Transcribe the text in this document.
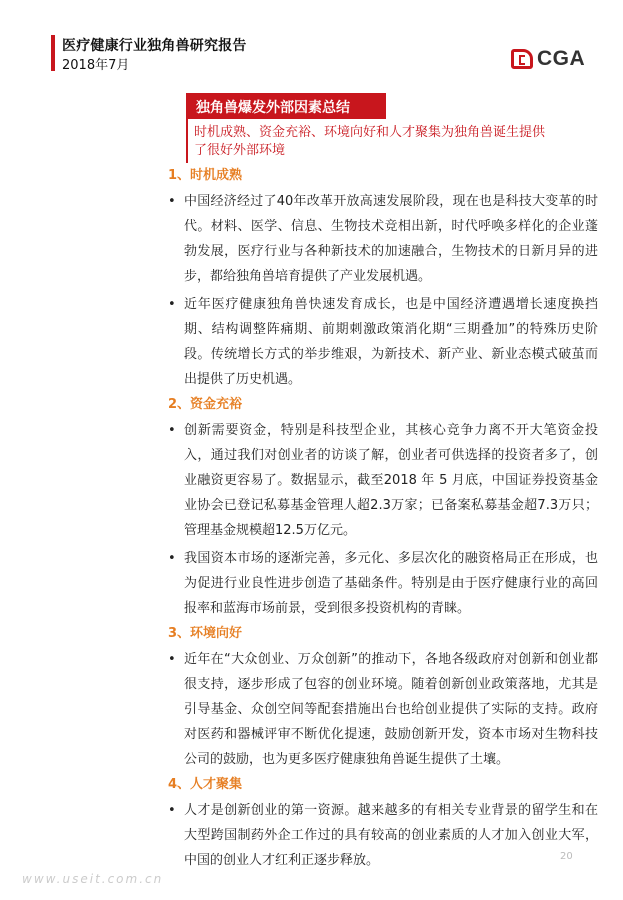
医疗健康行业独角兽研究报告
2018年7月	CGA
独角兽爆发外部因素总结
时机成熟、资金充裕、环境向好和人才聚集为独角兽诞生提供了很好外部环境
1、时机成熟
• 中国经济经过了40年改革开放高速发展阶段，现在也是科技大变革的时代。材料、医学、信息、生物技术竞相出新，时代呼唤多样化的企业蓬勃发展，医疗行业与各种新技术的加速融合，生物技术的日新月异的进步，都给独角兽培育提供了产业发展机遇。
• 近年医疗健康独角兽快速发育成长，也是中国经济遭遇增长速度换挡期、结构调整阵痛期、前期刺激政策消化期“三期叠加”的特殊历史阶段。传统增长方式的举步维艰，为新技术、新产业、新业态模式破茧而出提供了历史机遇。
2、资金充裕
• 创新需要资金，特别是科技型企业，其核心竞争力离不开大笔资金投入，通过我们对创业者的访谈了解，创业者可供选择的投资者多了，创业融资更容易了。数据显示，截至2018 年 5 月底，中国证券投资基金业协会已登记私募基金管理人超2.3万家；已备案私募基金超7.3万只；管理基金规模超12.5万亿元。
• 我国资本市场的逐渐完善，多元化、多层次化的融资格局正在形成，也为促进行业良性进步创造了基础条件。特别是由于医疗健康行业的高回报率和蓝海市场前景，受到很多投资机构的青睐。
3、环境向好
• 近年在“大众创业、万众创新”的推动下，各地各级政府对创新和创业都很支持，逐步形成了包容的创业环境。随着创新创业政策落地，尤其是引导基金、众创空间等配套措施出台也给创业提供了实际的支持。政府对医药和器械评审不断优化提速，鼓励创新开发，资本市场对生物科技公司的鼓励，也为更多医疗健康独角兽诞生提供了土壤。
4、人才聚集
• 人才是创新创业的第一资源。越来越多的有相关专业背景的留学生和在大型跨国制药外企工作过的具有较高的创业素质的人才加入创业大军，中国的创业人才红利正逐步释放。	20
www.useit.com.cn
